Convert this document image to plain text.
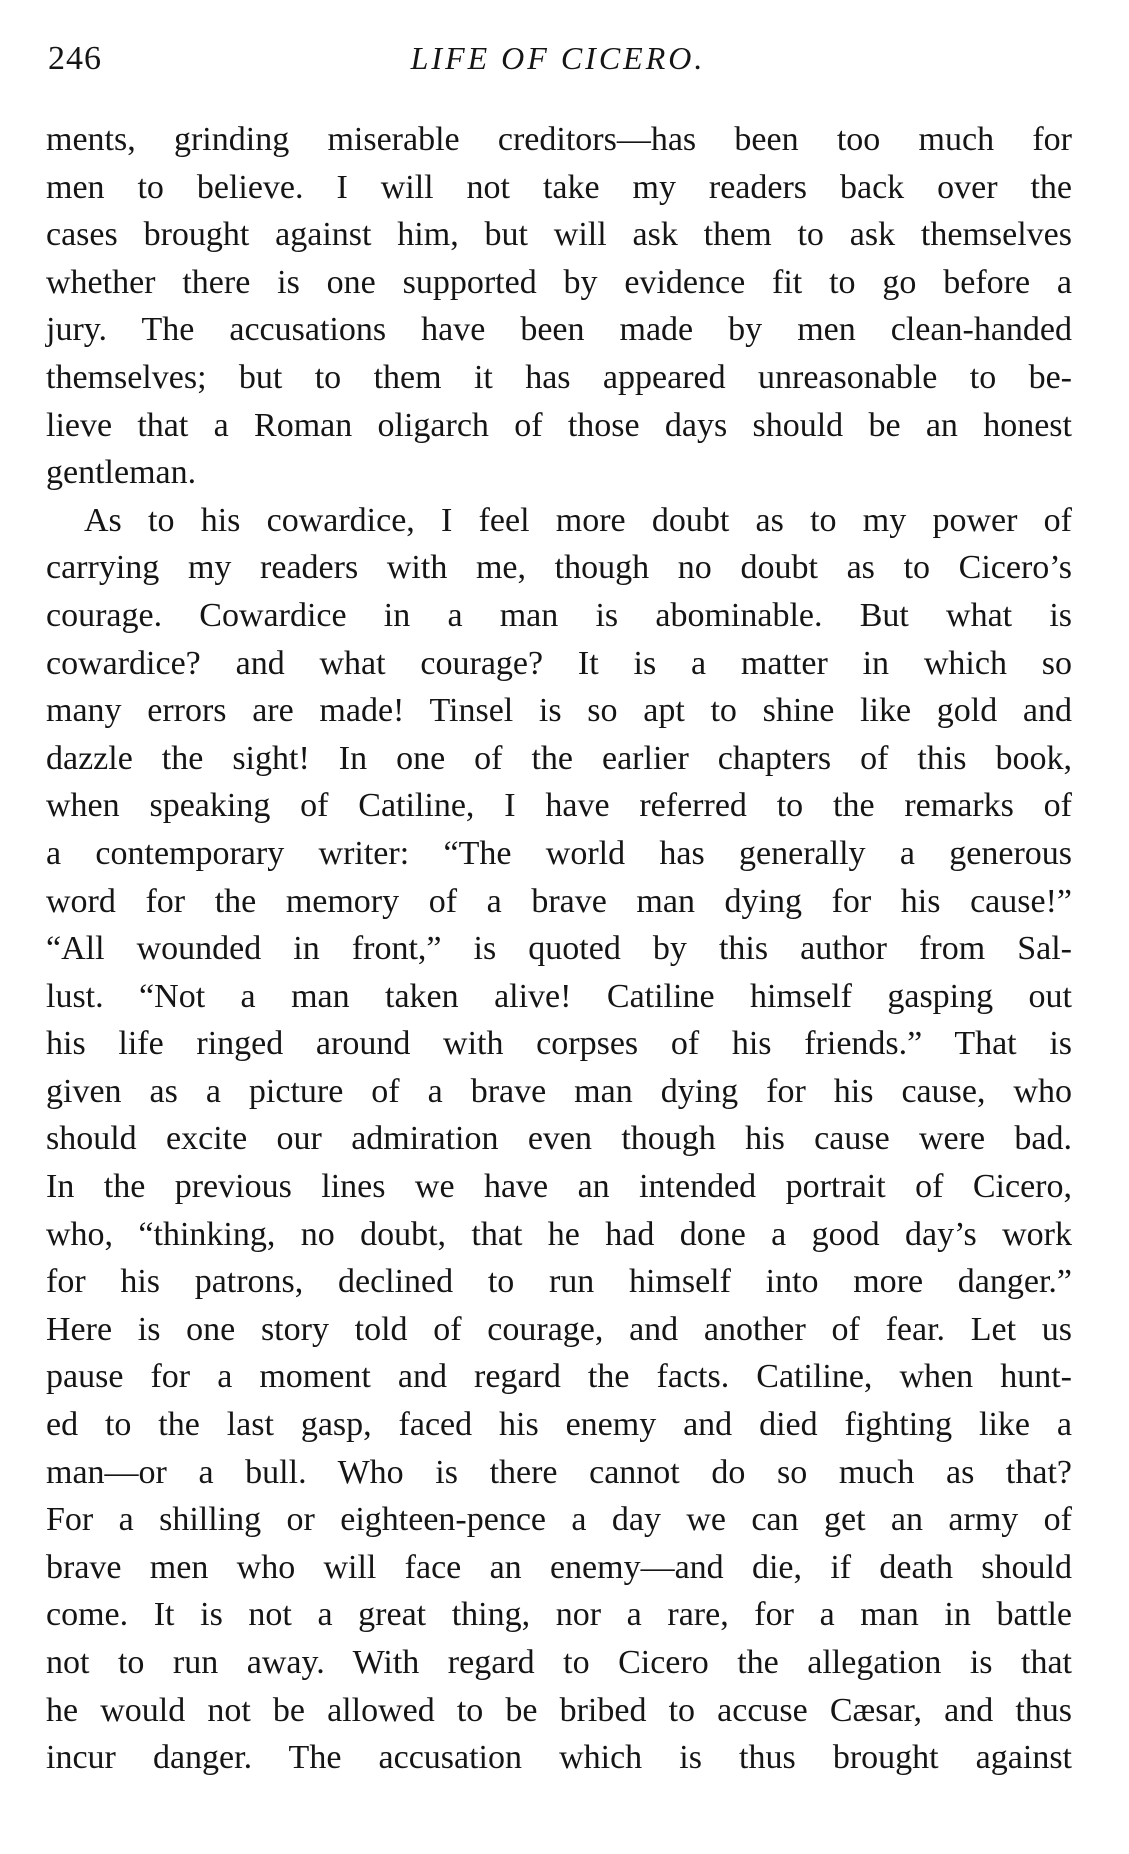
246	LIFE OF CICERO.
ments, grinding miserable creditors—has been too much for
men to believe. I will not take my readers back over the
cases brought against him, but will ask them to ask themselves
whether there is one supported by evidence fit to go before a
jury. The accusations have been made by men clean-handed
themselves; but to them it has appeared unreasonable to be-
lieve that a Roman oligarch of those days should be an honest
gentleman.
As to his cowardice, I feel more doubt as to my power of
carrying my readers with me, though no doubt as to Cicero’s
courage. Cowardice in a man is abominable. But what is
cowardice? and what courage? It is a matter in which so
many errors are made! Tinsel is so apt to shine like gold and
dazzle the sight! In one of the earlier chapters of this book,
when speaking of Catiline, I have referred to the remarks of
a contemporary writer: “The world has generally a generous
word for the memory of a brave man dying for his cause!”
“All wounded in front,” is quoted by this author from Sal-
lust. “Not a man taken alive! Catiline himself gasping out
his life ringed around with corpses of his friends.” That is
given as a picture of a brave man dying for his cause, who
should excite our admiration even though his cause were bad.
In the previous lines we have an intended portrait of Cicero,
who, “thinking, no doubt, that he had done a good day’s work
for his patrons, declined to run himself into more danger.”
Here is one story told of courage, and another of fear. Let us
pause for a moment and regard the facts. Catiline, when hunt-
ed to the last gasp, faced his enemy and died fighting like a
man—or a bull. Who is there cannot do so much as that?
For a shilling or eighteen-pence a day we can get an army of
brave men who will face an enemy—and die, if death should
come. It is not a great thing, nor a rare, for a man in battle
not to run away. With regard to Cicero the allegation is that
he would not be allowed to be bribed to accuse Cæsar, and thus
incur danger. The accusation which is thus brought against
